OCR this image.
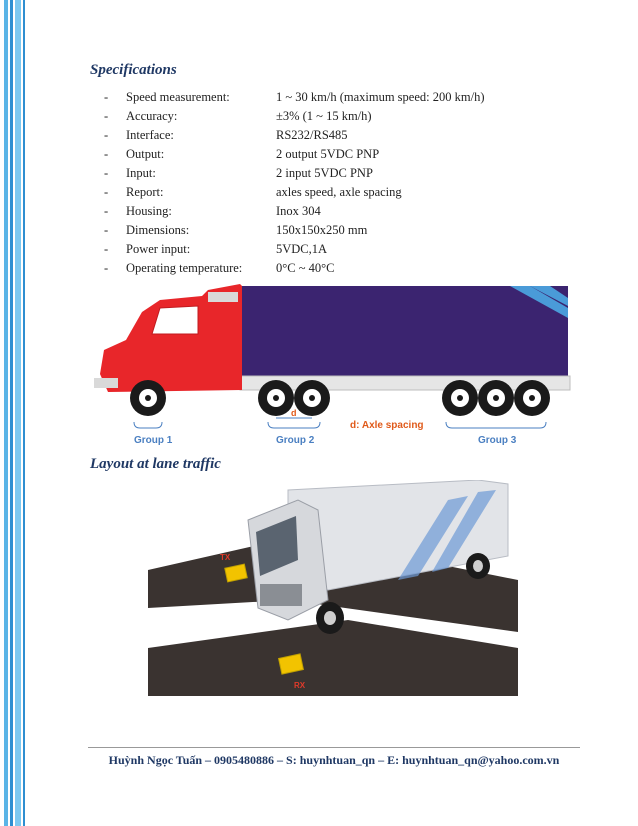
Specifications
-	Speed measurement:	1 ~ 30 km/h (maximum speed: 200 km/h)
-	Accuracy:	±3% (1 ~ 15 km/h)
-	Interface:	RS232/RS485
-	Output:	2 output 5VDC PNP
-	Input:	2 input 5VDC PNP
-	Report:	axles speed, axle spacing
-	Housing:	Inox 304
-	Dimensions:	150x150x250 mm
-	Power input:	5VDC,1A
-	Operating temperature:	0°C ~ 40°C
d
Group 1	Group 2
d: Axle spacing
Group 3
Layout at lane traffic
TX
RX
Huỳnh Ngọc Tuấn – 0905480886 – S: huynhtuan_qn – E: huynhtuan_qn@yahoo.com.vn
